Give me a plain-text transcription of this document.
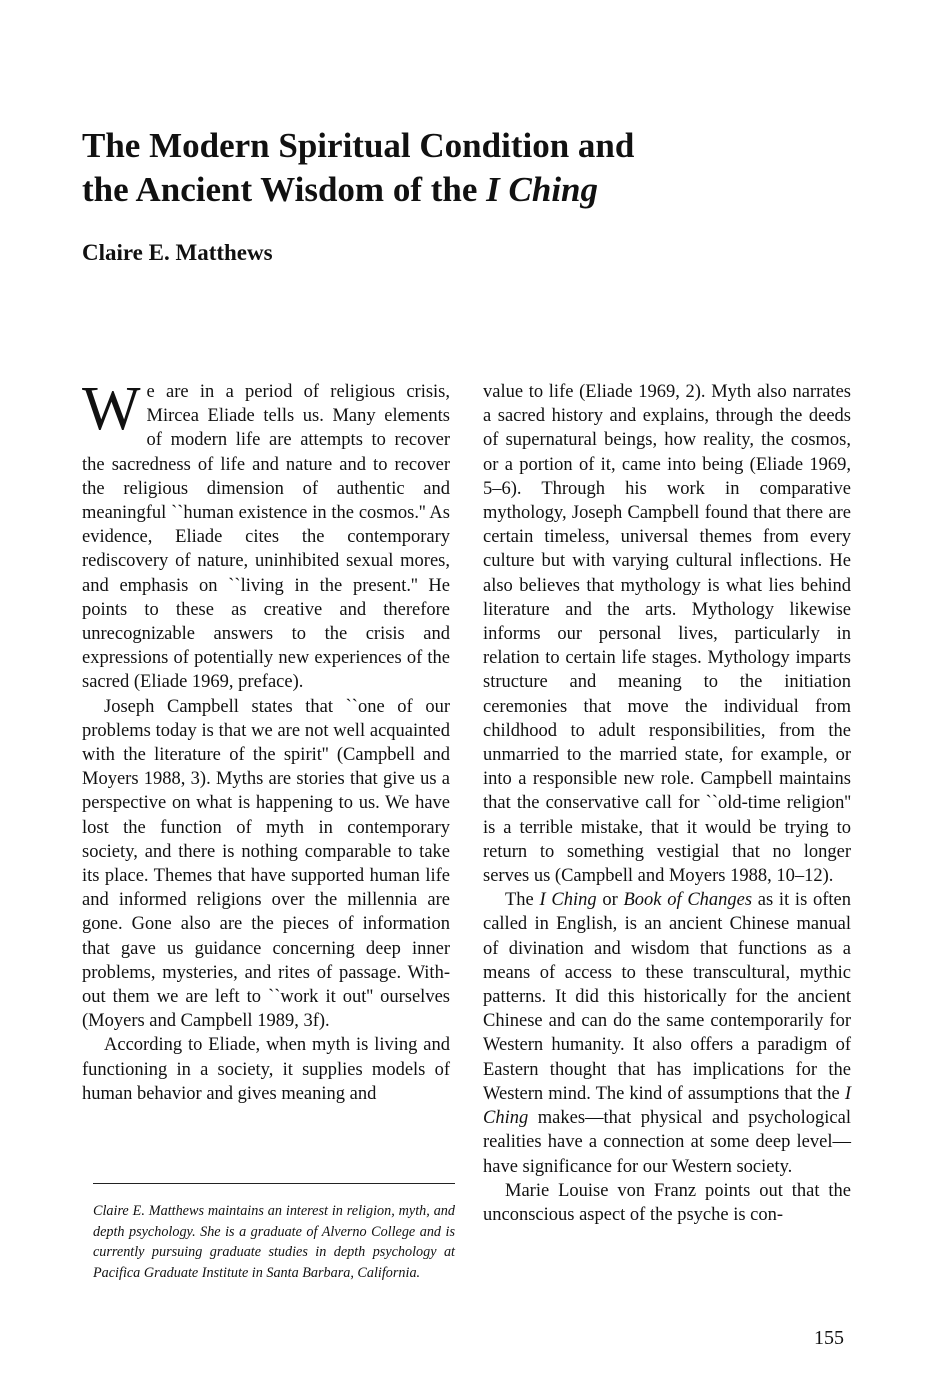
The Modern Spiritual Condition and
the Ancient Wisdom of the I Ching
Claire E. Matthews

We are in a period of religious crisis, Mircea Eliade tells us. Many elements of modern life are attempts to recover the sacredness of life and nature and to recover the religious dimension of authentic and meaningful ``human existence in the cosmos.'' As evidence, Eliade cites the contemporary rediscovery of nature, uninhibited sexual mores, and emphasis on ``living in the present.'' He points to these as creative and therefore unrecognizable answers to the crisis and expressions of potentially new experiences of the sacred (Eliade 1969, preface).

Joseph Campbell states that ``one of our problems today is that we are not well acquainted with the literature of the spirit'' (Campbell and Moyers 1988, 3). Myths are stories that give us a perspective on what is happening to us. We have lost the function of myth in contemporary society, and there is nothing comparable to take its place. Themes that have supported human life and informed religions over the millennia are gone. Gone also are the pieces of information that gave us guidance concerning deep inner problems, mysteries, and rites of passage. Without them we are left to ``work it out'' ourselves (Moyers and Campbell 1989, 3f).

According to Eliade, when myth is living and functioning in a society, it supplies models of human behavior and gives meaning and

value to life (Eliade 1969, 2). Myth also narrates a sacred history and explains, through the deeds of supernatural beings, how reality, the cosmos, or a portion of it, came into being (Eliade 1969, 5–6). Through his work in comparative mythology, Joseph Campbell found that there are certain timeless, universal themes from every culture but with varying cultural inflections. He also believes that mythology is what lies behind literature and the arts. Mythology likewise informs our personal lives, particularly in relation to certain life stages. Mythology imparts structure and meaning to the initiation ceremonies that move the individual from childhood to adult responsibilities, from the unmarried to the married state, for example, or into a responsible new role. Campbell maintains that the conservative call for ``old-time religion'' is a terrible mistake, that it would be trying to return to something vestigial that no longer serves us (Campbell and Moyers 1988, 10–12).

The I Ching or Book of Changes as it is often called in English, is an ancient Chinese manual of divination and wisdom that functions as a means of access to these transcultural, mythic patterns. It did this historically for the ancient Chinese and can do the same contemporarily for Western humanity. It also offers a paradigm of Eastern thought that has implications for the Western mind. The kind of assumptions that the I Ching makes—that physical and psychological realities have a connection at some deep level—have significance for our Western society.

Marie Louise von Franz points out that the unconscious aspect of the psyche is con-

Claire E. Matthews maintains an interest in religion, myth, and depth psychology. She is a graduate of Alverno College and is currently pursuing graduate studies in depth psychology at Pacifica Graduate Institute in Santa Barbara, California.

155
